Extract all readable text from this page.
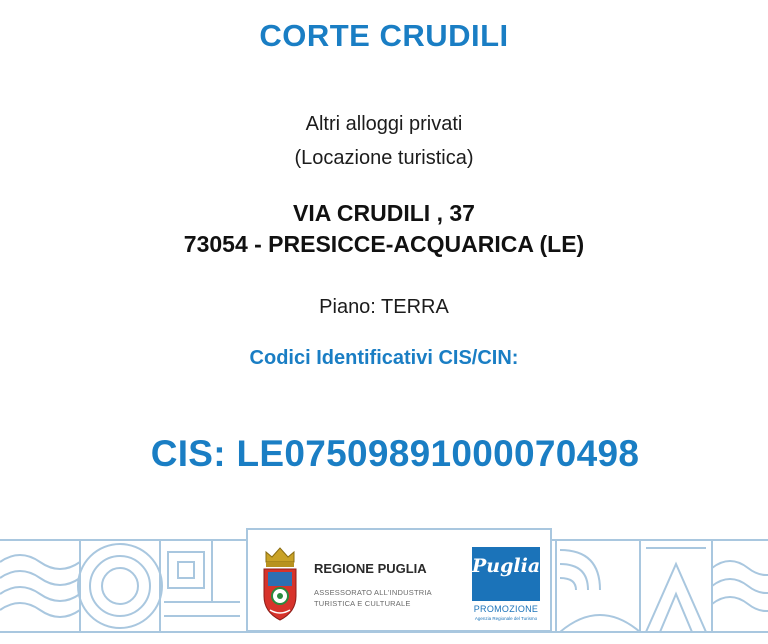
CORTE CRUDILI
Altri alloggi privati
(Locazione turistica)
VIA CRUDILI , 37
73054 - PRESICCE-ACQUARICA (LE)
Piano: TERRA
Codici Identificativi CIS/CIN:
CIS: LE07509891000070498
REGIONE PUGLIA
ASSESSORATO ALL'INDUSTRIA
TURISTICA E CULTURALE
Puglia
PROMOZIONE
Agenzia Regionale del Turismo
